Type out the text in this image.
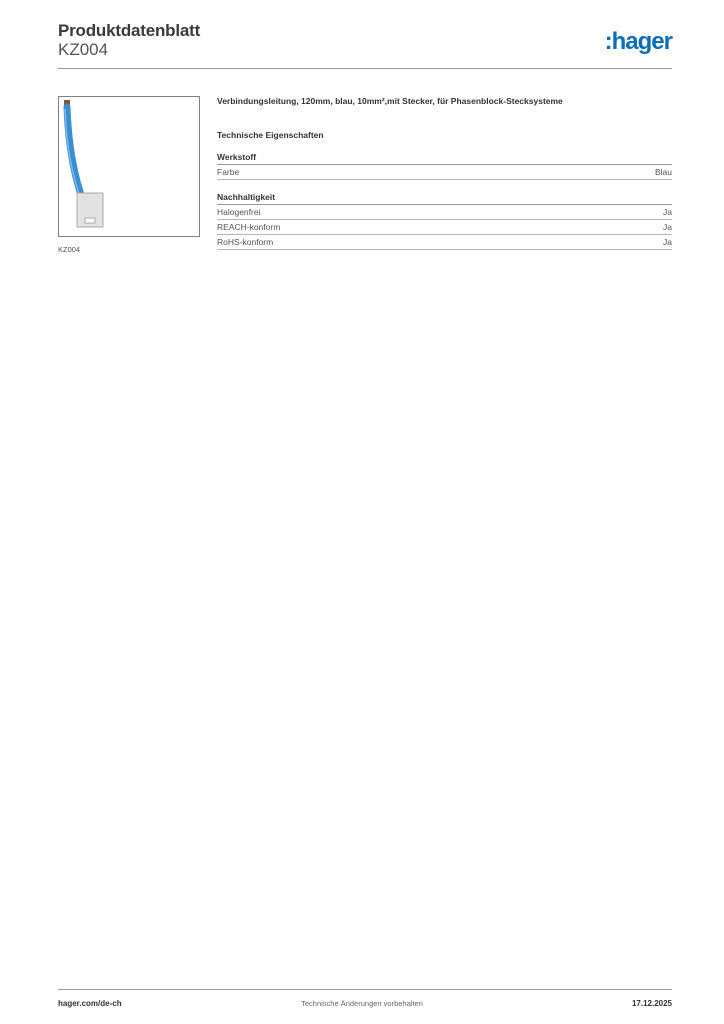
Produktdatenblatt
KZ004	:hager
KZ004

Verbindungsleitung, 120mm, blau, 10mm²,mit Stecker, für Phasenblock-Stecksysteme

Technische Eigenschaften
Werkstoff
Farbe	Blau
Nachhaltigkeit
Halogenfrei	Ja
REACH-konform	Ja
RoHS-konform	Ja
hager.com/de-ch	Technische Änderungen vorbehalten	17.12.2025
